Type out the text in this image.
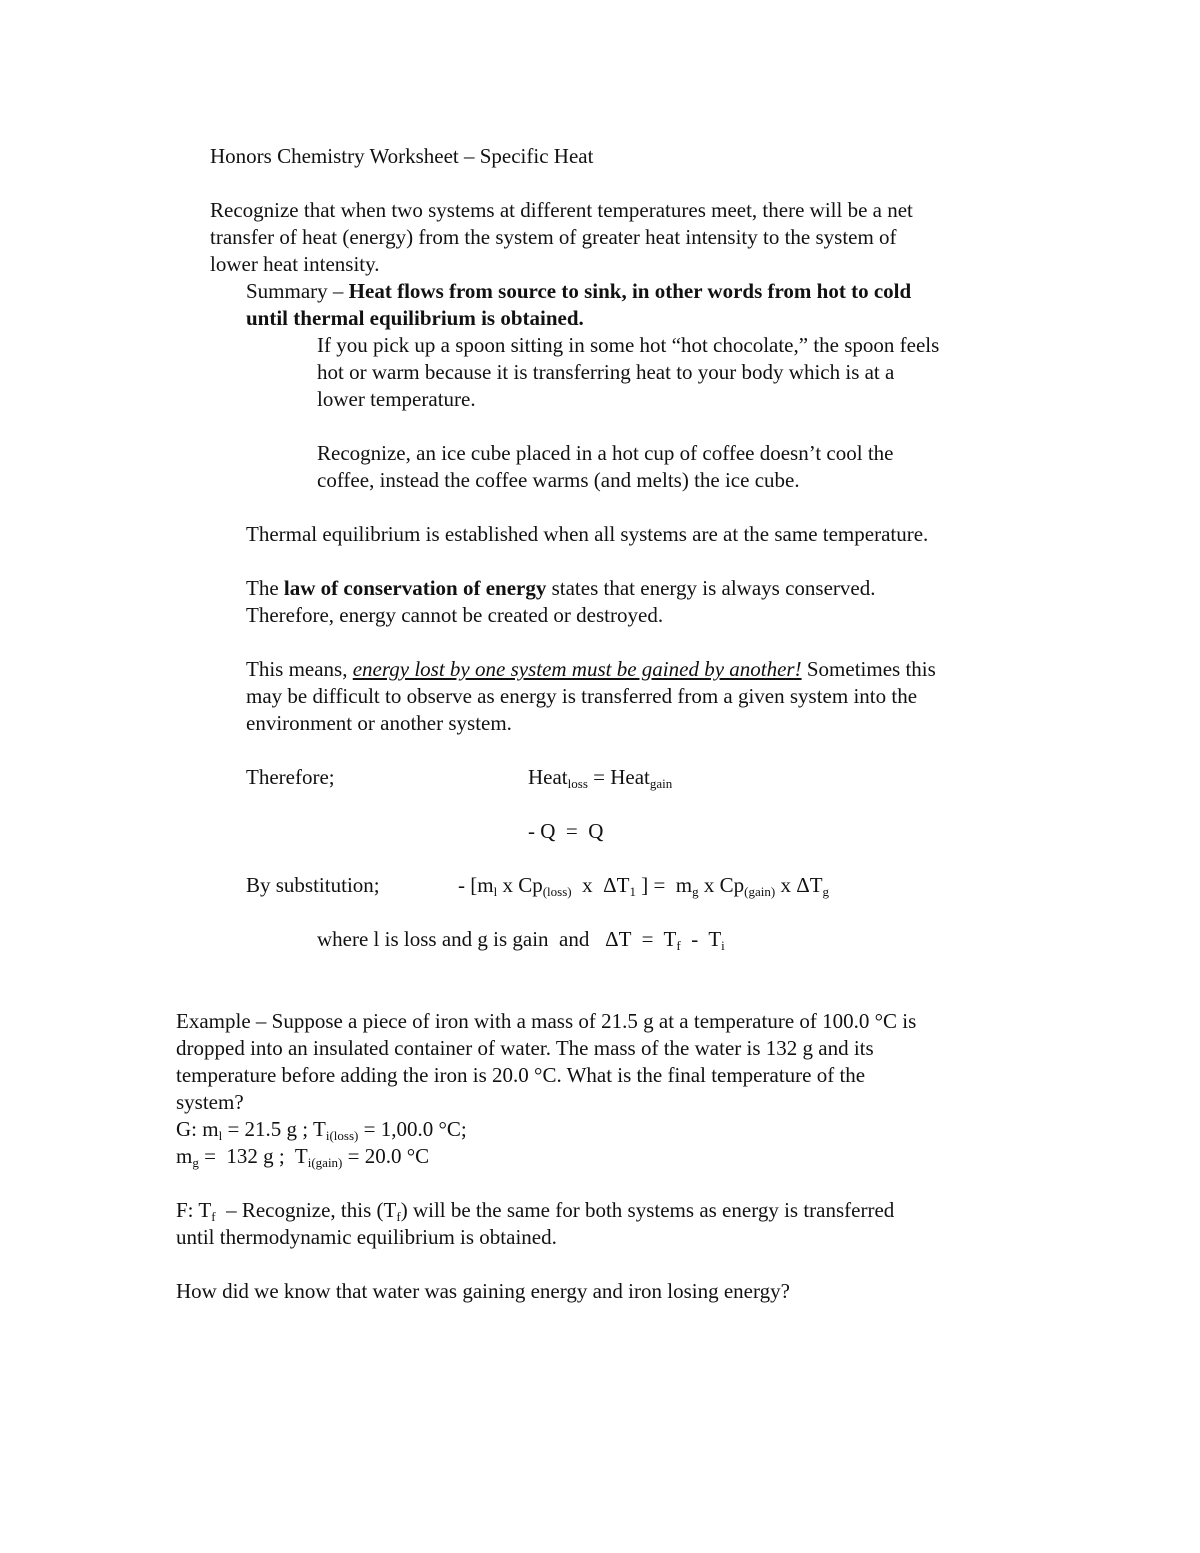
Honors Chemistry Worksheet – Specific Heat
Recognize that when two systems at different temperatures meet, there will be a net
transfer of heat (energy) from the system of greater heat intensity to the system of
lower heat intensity.
Summary – Heat flows from source to sink, in other words from hot to cold
until thermal equilibrium is obtained.
If you pick up a spoon sitting in some hot “hot chocolate,” the spoon feels
hot or warm because it is transferring heat to your body which is at a
lower temperature.
Recognize, an ice cube placed in a hot cup of coffee doesn’t cool the
coffee, instead the coffee warms (and melts) the ice cube.
Thermal equilibrium is established when all systems are at the same temperature.
The law of conservation of energy states that energy is always conserved.
Therefore, energy cannot be created or destroyed.
This means, energy lost by one system must be gained by another! Sometimes this
may be difficult to observe as energy is transferred from a given system into the
environment or another system.
Therefore;	Heat$_{loss}$ = Heat$_{gain}$
- Q  =  Q
By substitution;	- [$m_l$ x $Cp_{(loss)}$  x  $\Delta T_1$ ] =  $m_g$ x $Cp_{(gain)}$ x $\Delta T_g$
where l is loss and g is gain  and   $\Delta T = T_f - T_i$
Example – Suppose a piece of iron with a mass of 21.5 g at a temperature of 100.0 °C is
dropped into an insulated container of water. The mass of the water is 132 g and its
temperature before adding the iron is 20.0 °C. What is the final temperature of the
system?
G: $m_l = 21.5$ g ; $T_{i(loss)} = 1,00.0$ °C;
$m_g = 132$ g ;  $T_{i(gain)} = 20.0$ °C
F: $T_f$  – Recognize, this $(T_f)$ will be the same for both systems as energy is transferred
until thermodynamic equilibrium is obtained.
How did we know that water was gaining energy and iron losing energy?
